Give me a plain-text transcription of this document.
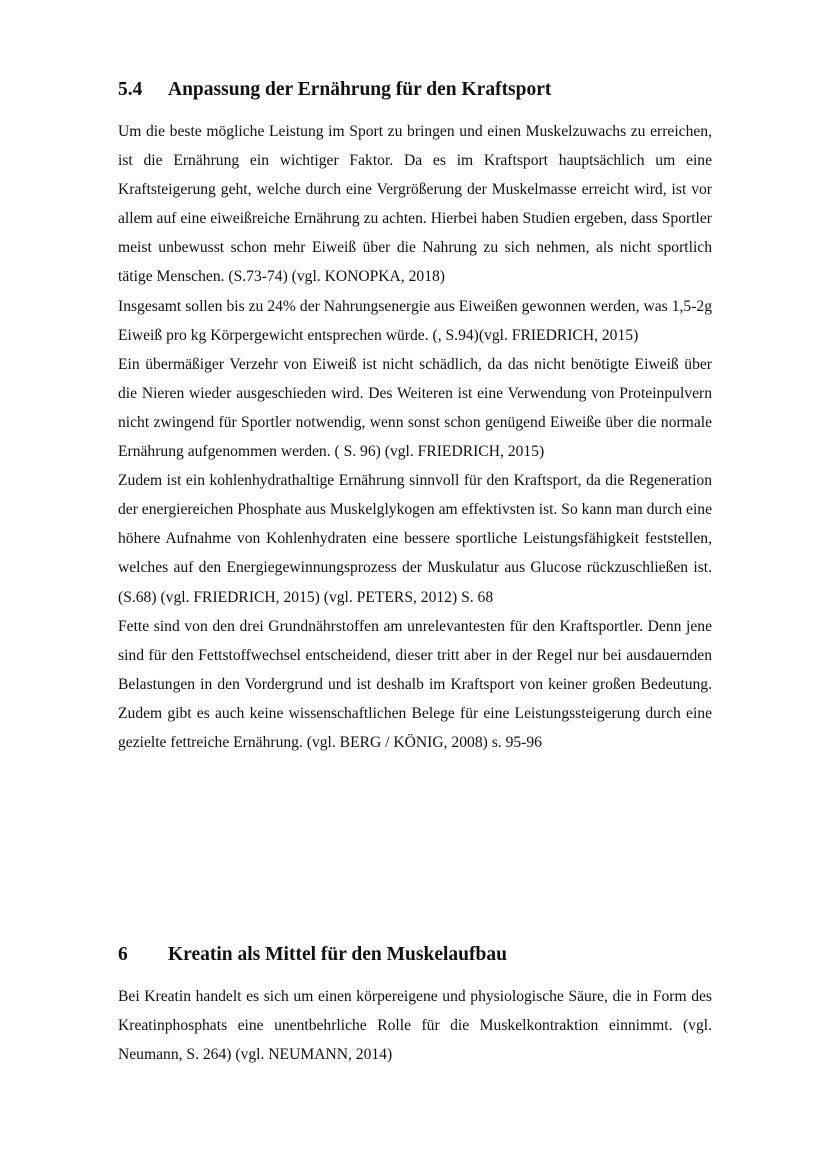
5.4 Anpassung der Ernährung für den Kraftsport

Um die beste mögliche Leistung im Sport zu bringen und einen Muskelzuwachs zu erreichen, ist die Ernährung ein wichtiger Faktor. Da es im Kraftsport hauptsächlich um eine Kraftsteigerung geht, welche durch eine Vergrößerung der Muskelmasse erreicht wird, ist vor allem auf eine eiweißreiche Ernährung zu achten. Hierbei haben Studien ergeben, dass Sportler meist unbewusst schon mehr Eiweiß über die Nahrung zu sich nehmen, als nicht sportlich tätige Menschen. (S.73-74) (vgl. KONOPKA, 2018)

Insgesamt sollen bis zu 24% der Nahrungsenergie aus Eiweißen gewonnen werden, was 1,5-2g Eiweiß pro kg Körpergewicht entsprechen würde. (, S.94)(vgl. FRIEDRICH, 2015)

Ein übermäßiger Verzehr von Eiweiß ist nicht schädlich, da das nicht benötigte Eiweiß über die Nieren wieder ausgeschieden wird. Des Weiteren ist eine Verwendung von Proteinpulvern nicht zwingend für Sportler notwendig, wenn sonst schon genügend Eiweiße über die normale Ernährung aufgenommen werden. ( S. 96) (vgl. FRIEDRICH, 2015)

Zudem ist ein kohlenhydrathaltige Ernährung sinnvoll für den Kraftsport, da die Regeneration der energiereichen Phosphate aus Muskelglykogen am effektivsten ist. So kann man durch eine höhere Aufnahme von Kohlenhydraten eine bessere sportliche Leistungsfähigkeit feststellen, welches auf den Energiegewinnungsprozess der Muskulatur aus Glucose rückzuschließen ist. (S.68) (vgl. FRIEDRICH, 2015) (vgl. PETERS, 2012) S. 68

Fette sind von den drei Grundnährstoffen am unrelevantesten für den Kraftsportler. Denn jene sind für den Fettstoffwechsel entscheidend, dieser tritt aber in der Regel nur bei ausdauernden Belastungen in den Vordergrund und ist deshalb im Kraftsport von keiner großen Bedeutung. Zudem gibt es auch keine wissenschaftlichen Belege für eine Leistungssteigerung durch eine gezielte fettreiche Ernährung. (vgl. BERG / KÖNIG, 2008) s. 95-96

6 Kreatin als Mittel für den Muskelaufbau

Bei Kreatin handelt es sich um einen körpereigene und physiologische Säure, die in Form des Kreatinphosphats eine unentbehrliche Rolle für die Muskelkontraktion einnimmt. (vgl. Neumann, S. 264) (vgl. NEUMANN, 2014)
